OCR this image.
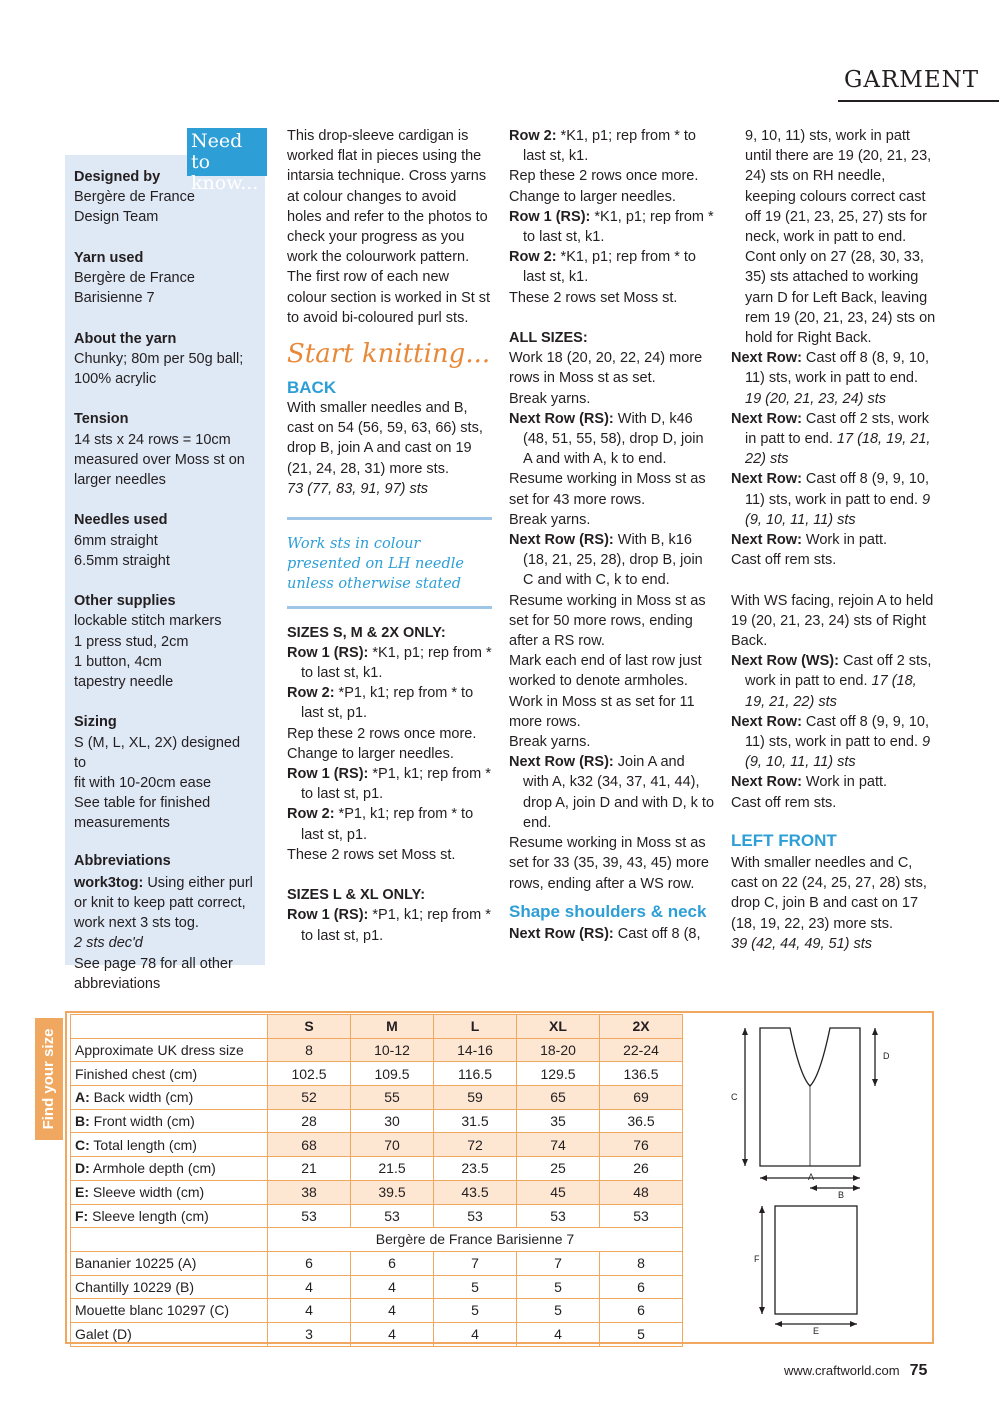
GARMENT
Designed by
Bergère de France
Design Team
Yarn used
Bergère de France
Barisienne 7
About the yarn
Chunky; 80m per 50g ball;
100% acrylic
Tension
14 sts x 24 rows = 10cm
measured over Moss st on
larger needles
Needles used
6mm straight
6.5mm straight
Other supplies
lockable stitch markers
1 press stud, 2cm
1 button, 4cm
tapestry needle
Sizing
S (M, L, XL, 2X) designed to
fit with 10-20cm ease
See table for finished
measurements
Abbreviations
work3tog: Using either purl or knit to keep patt correct, work next 3 sts tog.
2 sts dec'd
See page 78 for all other abbreviations
Need to know...
This drop-sleeve cardigan is worked flat in pieces using the intarsia technique. Cross yarns at colour changes to avoid holes and refer to the photos to check your progress as you work the colourwork pattern. The first row of each new colour section is worked in St st to avoid bi-coloured purl sts.
Start knitting...
BACK
With smaller needles and B, cast on 54 (56, 59, 63, 66) sts, drop B, join A and cast on 19 (21, 24, 28, 31) more sts.
73 (77, 83, 91, 97) sts
Work sts in colour presented on LH needle unless otherwise stated
SIZES S, M & 2X ONLY:
Row 1 (RS): *K1, p1; rep from * to last st, k1.
Row 2: *P1, k1; rep from * to last st, p1.
Rep these 2 rows once more.
Change to larger needles.
Row 1 (RS): *P1, k1; rep from * to last st, p1.
Row 2: *P1, k1; rep from * to last st, p1.
These 2 rows set Moss st.
SIZES L & XL ONLY:
Row 1 (RS): *P1, k1; rep from * to last st, p1.
Row 2: *K1, p1; rep from * to last st, k1.
Rep these 2 rows once more.
Change to larger needles.
Row 1 (RS): *K1, p1; rep from * to last st, k1.
Row 2: *K1, p1; rep from * to last st, k1.
These 2 rows set Moss st.
ALL SIZES:
Work 18 (20, 20, 22, 24) more rows in Moss st as set.
Break yarns.
Next Row (RS): With D, k46 (48, 51, 55, 58), drop D, join A and with A, k to end.
Resume working in Moss st as set for 43 more rows.
Break yarns.
Next Row (RS): With B, k16 (18, 21, 25, 28), drop B, join C and with C, k to end.
Resume working in Moss st as set for 50 more rows, ending after a RS row.
Mark each end of last row just worked to denote armholes.
Work in Moss st as set for 11 more rows.
Break yarns.
Next Row (RS): Join A and with A, k32 (34, 37, 41, 44), drop A, join D and with D, k to end.
Resume working in Moss st as set for 33 (35, 39, 43, 45) more rows, ending after a WS row.
Shape shoulders & neck
Next Row (RS): Cast off 8 (8,
9, 10, 11) sts, work in patt until there are 19 (20, 21, 23, 24) sts on RH needle, keeping colours correct cast off 19 (21, 23, 25, 27) sts for neck, work in patt to end. Cont only on 27 (28, 30, 33, 35) sts attached to working yarn D for Left Back, leaving rem 19 (20, 21, 23, 24) sts on hold for Right Back.
Next Row: Cast off 8 (8, 9, 10, 11) sts, work in patt to end. 19 (20, 21, 23, 24) sts
Next Row: Cast off 2 sts, work in patt to end. 17 (18, 19, 21, 22) sts
Next Row: Cast off 8 (9, 9, 10, 11) sts, work in patt to end. 9 (9, 10, 11, 11) sts
Next Row: Work in patt.
Cast off rem sts.
With WS facing, rejoin A to held 19 (20, 21, 23, 24) sts of Right Back.
Next Row (WS): Cast off 2 sts, work in patt to end. 17 (18, 19, 21, 22) sts
Next Row: Cast off 8 (9, 9, 10, 11) sts, work in patt to end. 9 (9, 10, 11, 11) sts
Next Row: Work in patt.
Cast off rem sts.
LEFT FRONT
With smaller needles and C, cast on 22 (24, 25, 27, 28) sts, drop C, join B and cast on 17 (18, 19, 22, 23) more sts.
39 (42, 44, 49, 51) sts
Find your size
	S	M	L	XL	2X
Approximate UK dress size	8	10-12	14-16	18-20	22-24
Finished chest (cm)	102.5	109.5	116.5	129.5	136.5
A: Back width (cm)	52	55	59	65	69
B: Front width (cm)	28	30	31.5	35	36.5
C: Total length (cm)	68	70	72	74	76
D: Armhole depth (cm)	21	21.5	23.5	25	26
E: Sleeve width (cm)	38	39.5	43.5	45	48
F: Sleeve length (cm)	53	53	53	53	53
	Bergère de France Barisienne 7				
Bananier 10225 (A)	6	6	7	7	8
Chantilly 10229 (B)	4	4	5	5	6
Mouette blanc 10297 (C)	4	4	5	5	6
Galet (D)	3	4	4	4	5
C
D
A
B
F
E
www.craftworld.com 75
